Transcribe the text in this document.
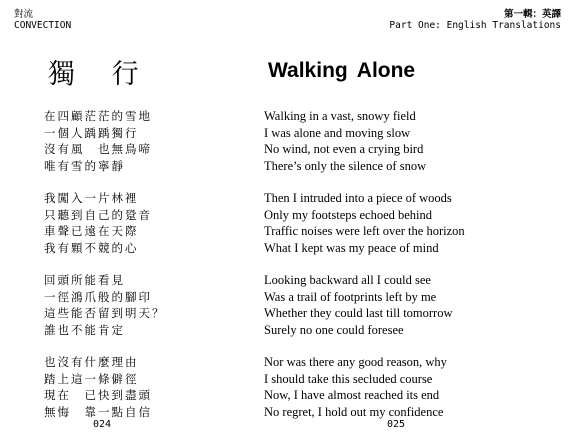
對流
CONVECTION
第一輯：英譯
Part One: English Translations
獨 行	Walking Alone
在四顧茫茫的雪地
一個人踽踽獨行
沒有風　也無鳥啼
唯有雪的寧靜
我闖入一片林裡
只聽到自己的跫音
車聲已遠在天際
我有顆不競的心
回頭所能看見
一徑鴻爪般的腳印
這些能否留到明天？
誰也不能肯定
也沒有什麼理由
踏上這一條僻徑
現在　已快到盡頭
無悔　靠一點自信
Walking in a vast, snowy field
I was alone and moving slow
No wind, not even a crying bird
There’s only the silence of snow
Then I intruded into a piece of woods
Only my footsteps echoed behind
Traffic noises were left over the horizon
What I kept was my peace of mind
Looking backward all I could see
Was a trail of footprints left by me
Whether they could last till tomorrow
Surely no one could foresee
Nor was there any good reason, why
I should take this secluded course
Now, I have almost reached its end
No regret, I hold out my confidence
024	025
